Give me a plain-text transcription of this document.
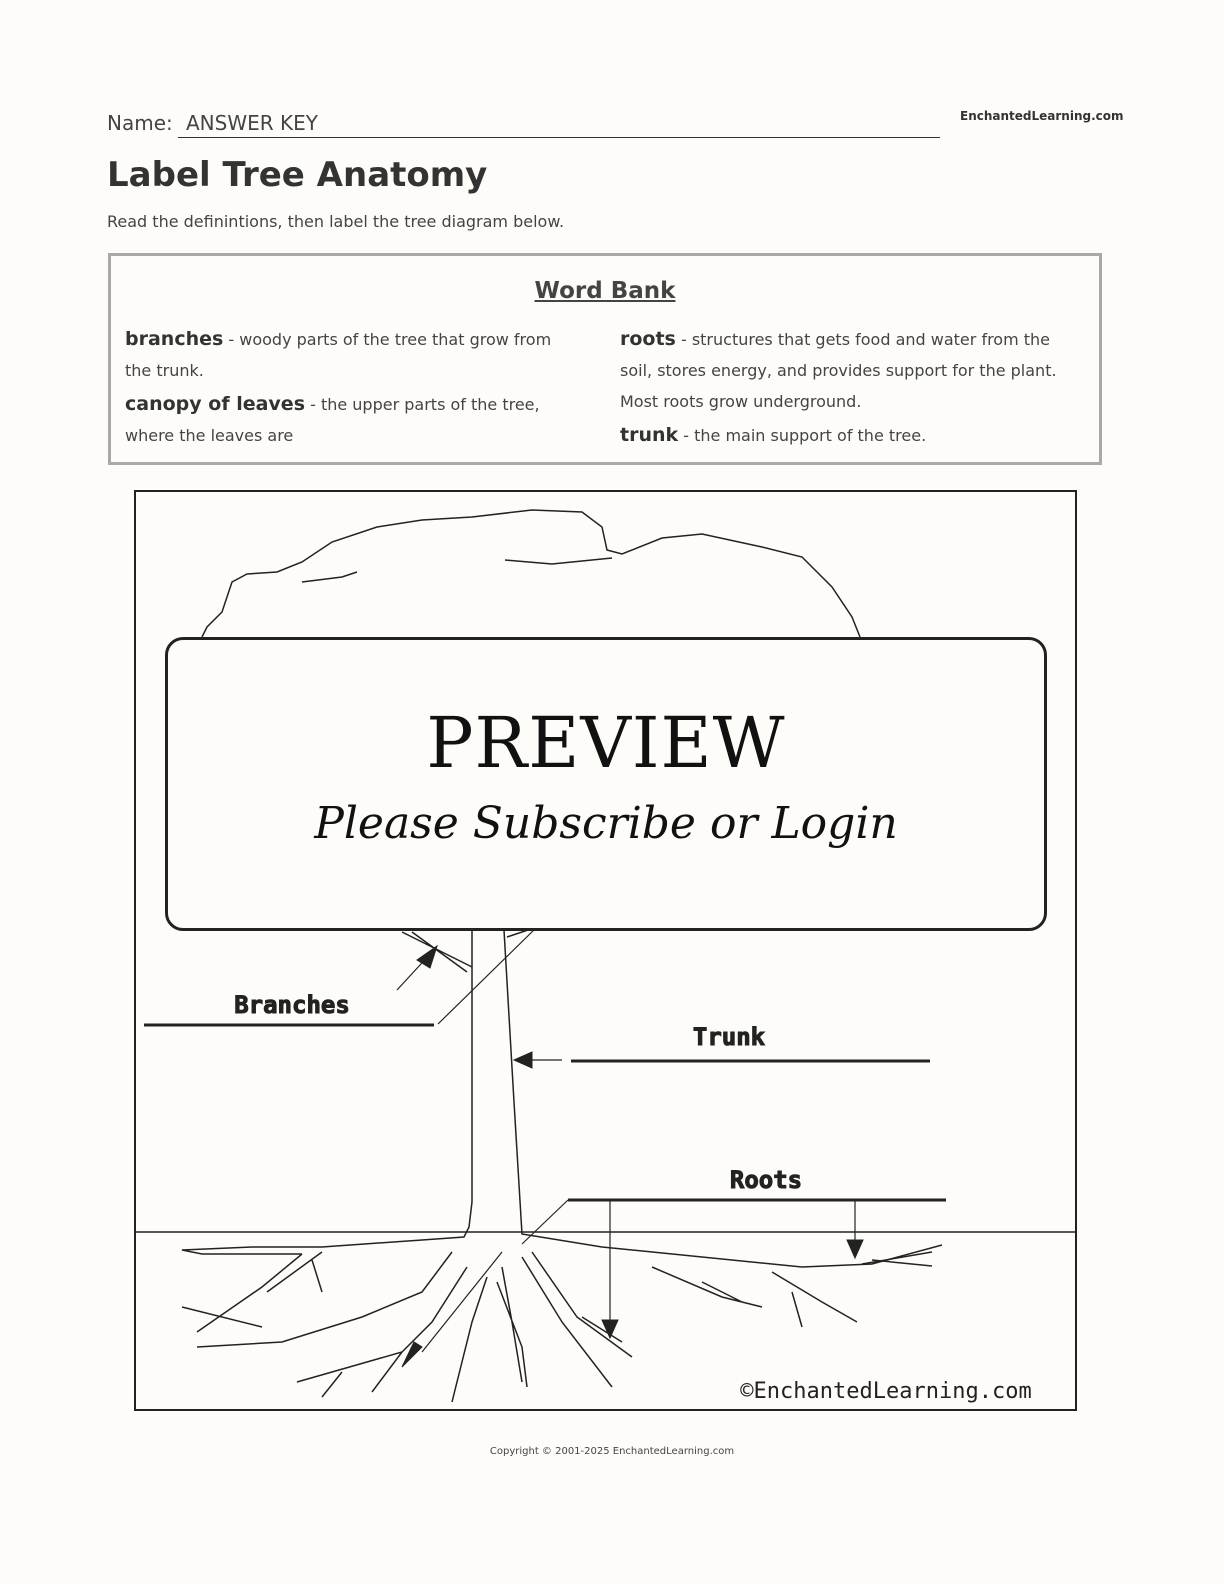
Name: ANSWER KEY	EnchantedLearning.com
Label Tree Anatomy
Read the definintions, then label the tree diagram below.
Word Bank

branches - woody parts of the tree that grow from the trunk.

canopy of leaves - the upper parts of the tree, where the leaves are

roots - structures that gets food and water from the soil, stores energy, and provides support for the plant. Most roots grow underground.

trunk - the main support of the tree.

Branches
Trunk
Roots
©EnchantedLearning.com
PREVIEW
Please Subscribe or Login
Copyright © 2001-2025 EnchantedLearning.com
